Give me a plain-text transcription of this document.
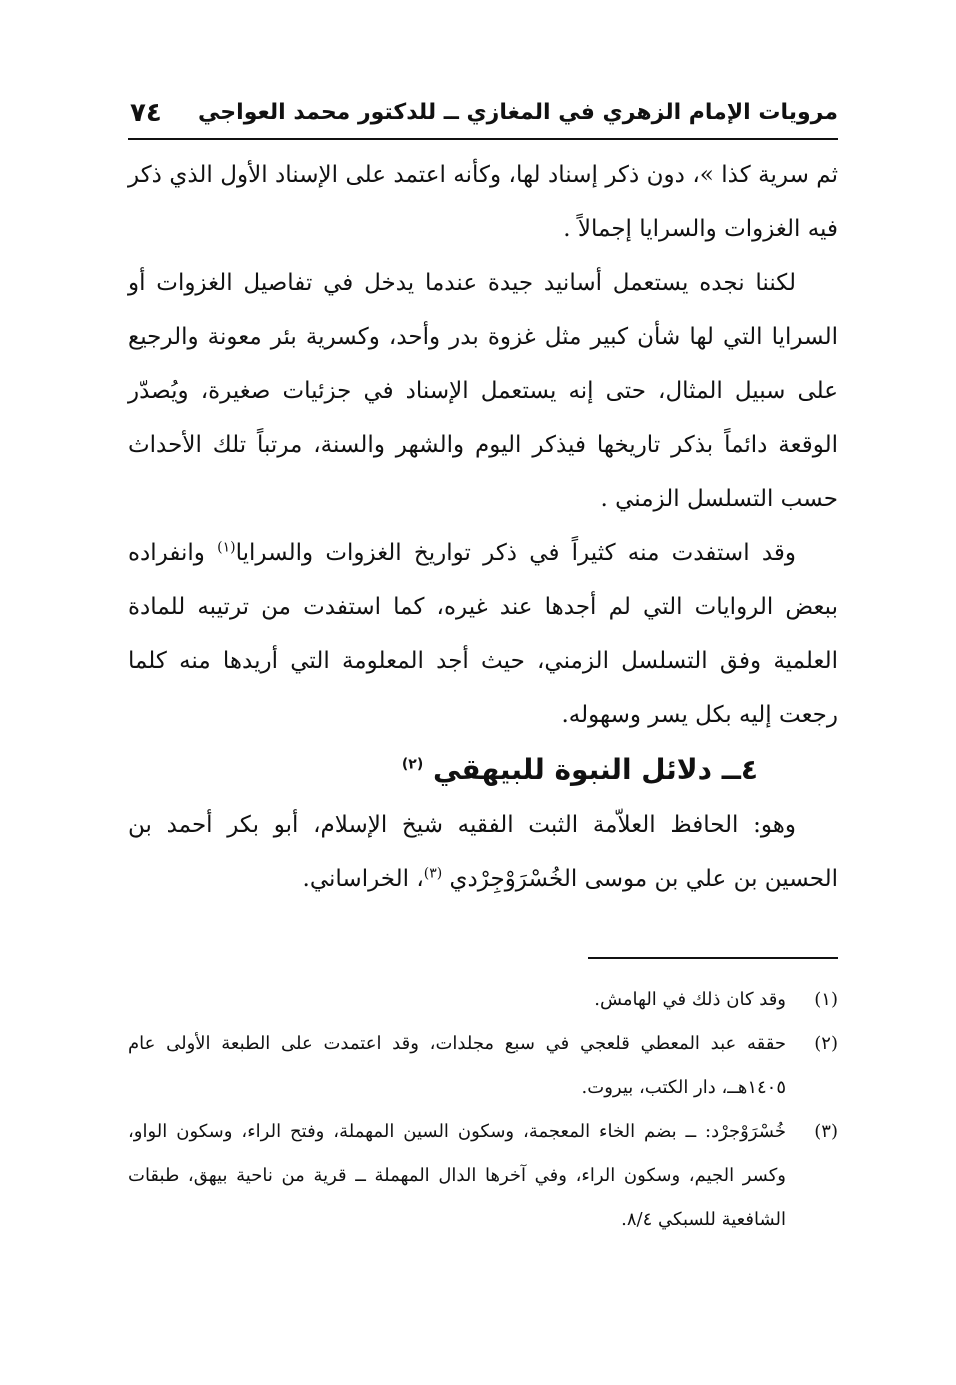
مرويات الإمام الزهري في المغازي ــ للدكتور محمد العواجي
٧٤

ثم سرية كذا »، دون ذكر إسناد لها، وكأنه اعتمد على الإسناد الأول الذي ذكر فيه الغزوات والسرايا إجمالاً .

لكننا نجده يستعمل أسانيد جيدة عندما يدخل في تفاصيل الغزوات أو السرايا التي لها شأن كبير مثل غزوة بدر وأحد، وكسرية بئر معونة والرجيع على سبيل المثال، حتى إنه يستعمل الإسناد في جزئيات صغيرة، ويُصدّر الوقعة دائماً بذكر تاريخها فيذكر اليوم والشهر والسنة، مرتباً تلك الأحداث حسب التسلسل الزمني .

وقد استفدت منه كثيراً في ذكر تواريخ الغزوات والسرايا$^{(١)}$ وانفراده ببعض الروايات التي لم أجدها عند غيره، كما استفدت من ترتيبه للمادة العلمية وفق التسلسل الزمني، حيث أجد المعلومة التي أريدها منه كلما رجعت إليه بكل يسر وسهوله.

٤ــ دلائل النبوة للبيهقي $^{(٢)}$

وهو: الحافظ العلاّمة الثبت الفقيه شيخ الإسلام، أبو بكر أحمد بن الحسين بن علي بن موسى الخُسْرَوْجِرْدي $^{(٣)}$، الخراساني.

(١)
وقد كان ذلك في الهامش.
(٢)
حققه عبد المعطي قلعجي في سبع مجلدات، وقد اعتمدت على الطبعة الأولى عام ١٤٠٥هــ، دار الكتب، بيروت.
(٣)
خُسْرَوْجرْد: ــ بضم الخاء المعجمة، وسكون السين المهملة، وفتح الراء، وسكون الواو، وكسر الجيم، وسكون الراء، وفي آخرها الدال المهملة ــ قرية من ناحية بيهق، طبقات الشافعية للسبكي ٨/٤.
